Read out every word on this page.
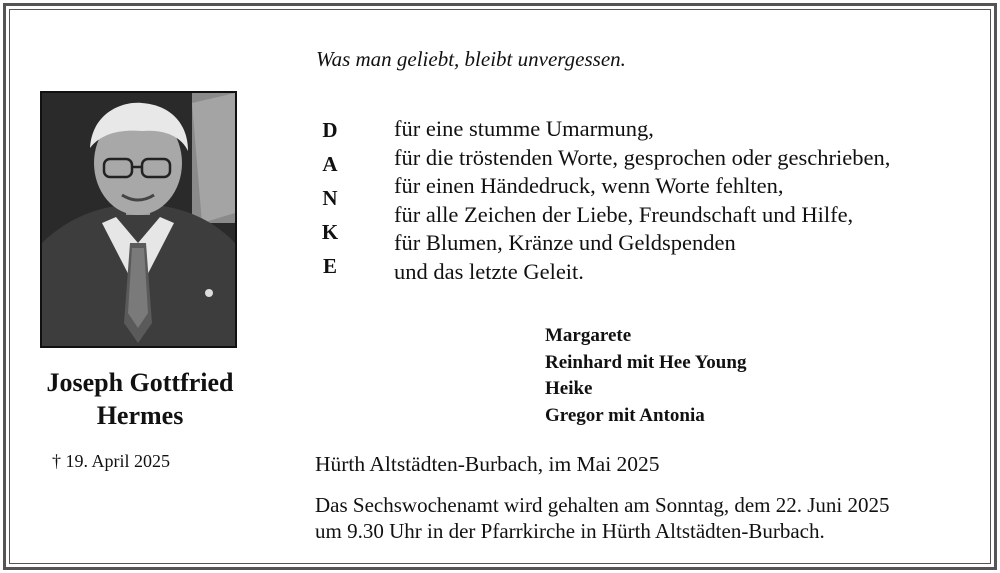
Joseph Gottfried
Hermes
† 19. April 2025
Was man geliebt, bleibt unvergessen.
D
A
N
K
E
für eine stumme Umarmung,
für die tröstenden Worte, gesprochen oder geschrieben,
für einen Händedruck, wenn Worte fehlten,
für alle Zeichen der Liebe, Freundschaft und Hilfe,
für Blumen, Kränze und Geldspenden
und das letzte Geleit.
Margarete
Reinhard mit Hee Young
Heike
Gregor mit Antonia
Hürth Altstädten-Burbach, im Mai 2025
Das Sechswochenamt wird gehalten am Sonntag, dem 22. Juni 2025
um 9.30 Uhr in der Pfarrkirche in Hürth Altstädten-Burbach.
